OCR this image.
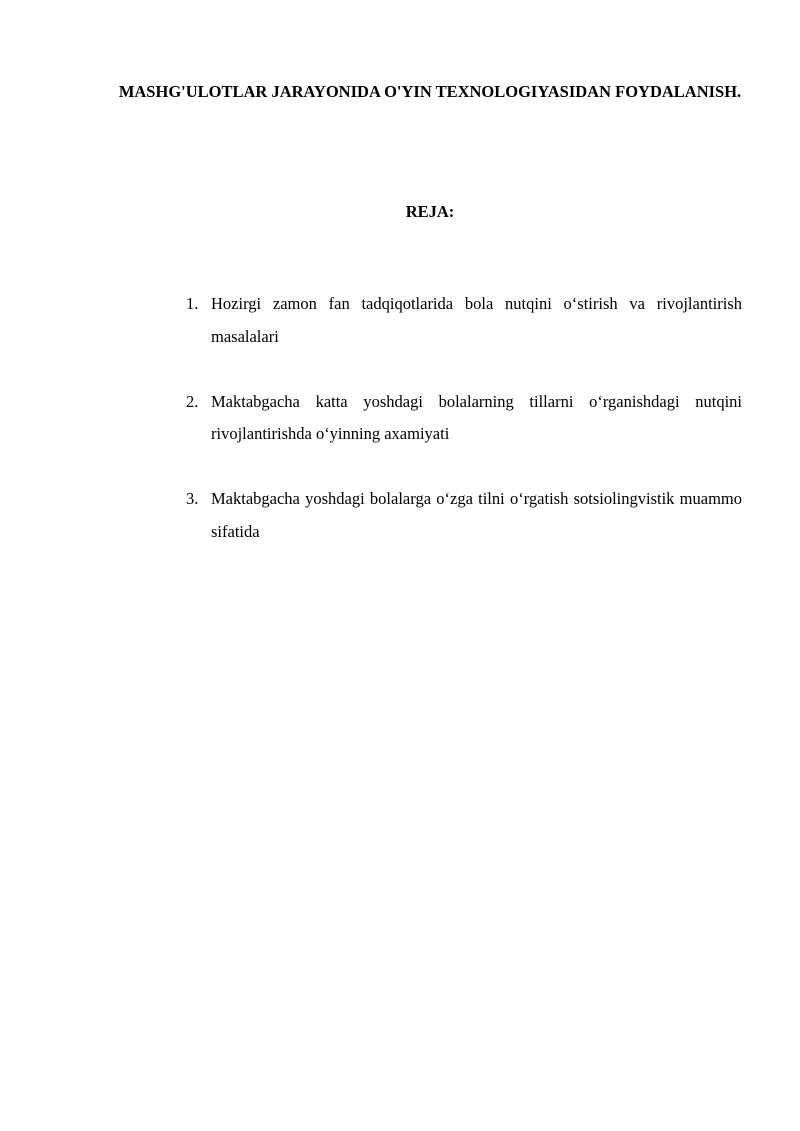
MASHG'ULOTLAR JARAYONIDA O'YIN TEXNOLOGIYASIDAN FOYDALANISH.
REJA:
1. Hozirgi zamon fan tadqiqotlarida bola nutqini o‘stirish va rivojlantirish masalalari
2. Maktabgacha katta yoshdagi bolalarning tillarni o‘rganishdagi nutqini rivojlantirishda o‘yinning axamiyati
3. Maktabgacha yoshdagi bolalarga o‘zga tilni o‘rgatish sotsiolingvistik muammo sifatida
